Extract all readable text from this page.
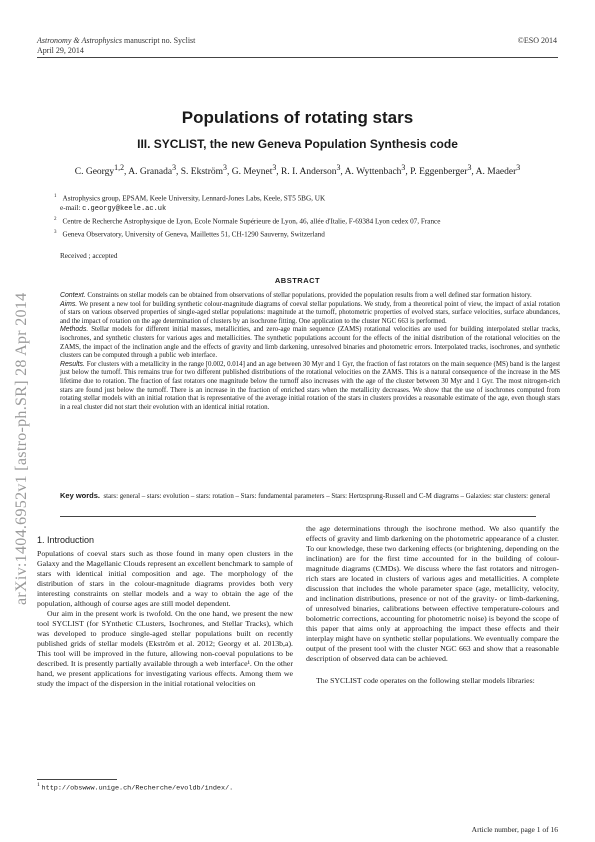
Astronomy & Astrophysics manuscript no. Syclist
April 29, 2014
©ESO 2014
arXiv:1404.6952v1 [astro-ph.SR] 28 Apr 2014
Populations of rotating stars
III. SYCLIST, the new Geneva Population Synthesis code
C. Georgy$^{1,2}$, A. Granada$^3$, S. Ekström$^3$, G. Meynet$^3$, R. I. Anderson$^3$, A. Wyttenbach$^3$, P. Eggenberger$^3$, A. Maeder$^3$
$^1$ Astrophysics group, EPSAM, Keele University, Lennard-Jones Labs, Keele, ST5 5BG, UK
e-mail: c.georgy@keele.ac.uk
$^2$ Centre de Recherche Astrophysique de Lyon, Ecole Normale Supérieure de Lyon, 46, allée d'Italie, F-69384 Lyon cedex 07, France
$^3$ Geneva Observatory, University of Geneva, Maillettes 51, CH-1290 Sauverny, Switzerland
Received ; accepted
ABSTRACT

Context. Constraints on stellar models can be obtained from observations of stellar populations, provided the population results from a well defined star formation history.

Aims. We present a new tool for building synthetic colour-magnitude diagrams of coeval stellar populations. We study, from a theoretical point of view, the impact of axial rotation of stars on various observed properties of single-aged stellar populations: magnitude at the turnoff, photometric properties of evolved stars, surface velocities, surface abundances, and the impact of rotation on the age determination of clusters by an isochrone fitting. One application to the cluster NGC 663 is performed.

Methods. Stellar models for different initial masses, metallicities, and zero-age main sequence (ZAMS) rotational velocities are used for building interpolated stellar tracks, isochrones, and synthetic clusters for various ages and metallicities. The synthetic populations account for the effects of the initial distribution of the rotational velocities on the ZAMS, the impact of the inclination angle and the effects of gravity and limb darkening, unresolved binaries and photometric errors. Interpolated tracks, isochrones, and synthetic clusters can be computed through a public web interface.

Results. For clusters with a metallicity in the range [0.002, 0.014] and an age between 30 Myr and 1 Gyr, the fraction of fast rotators on the main sequence (MS) band is the largest just below the turnoff. This remains true for two different published distributions of the rotational velocities on the ZAMS. This is a natural consequence of the increase in the MS lifetime due to rotation. The fraction of fast rotators one magnitude below the turnoff also increases with the age of the cluster between 30 Myr and 1 Gyr. The most nitrogen-rich stars are found just below the turnoff. There is an increase in the fraction of enriched stars when the metallicity decreases. We show that the use of isochrones computed from rotating stellar models with an initial rotation that is representative of the average initial rotation of the stars in clusters provides a reasonable estimate of the age, even though stars in a real cluster did not start their evolution with an identical initial rotation.

Key words. stars: general – stars: evolution – stars: rotation – Stars: fundamental parameters – Stars: Hertzsprung-Russell and C-M diagrams – Galaxies: star clusters: general
1. Introduction

Populations of coeval stars such as those found in many open clusters in the Galaxy and the Magellanic Clouds represent an excellent benchmark to sample of stars with identical initial composition and age. The morphology of the distribution of stars in the colour-magnitude diagrams provides both very interesting constraints on stellar models and a way to obtain the age of the population, although of course ages are still model dependent.

Our aim in the present work is twofold. On the one hand, we present the new tool SYCLIST (for SYnthetic CLusters, Isochrones, and Stellar Tracks), which was developed to produce single-aged stellar populations built on recently published grids of stellar models (Ekström et al. 2012; Georgy et al. 2013b,a). This tool will be improved in the future, allowing non-coeval populations to be described. It is presently partially available through a web interface¹. On the other hand, we present applications for investigating various effects. Among them we study the impact of the dispersion in the initial rotational velocities on

the age determinations through the isochrone method. We also quantify the effects of gravity and limb darkening on the photometric appearance of a cluster. To our knowledge, these two darkening effects (or brightening, depending on the inclination) are for the first time accounted for in the building of colour-magnitude diagrams (CMDs). We discuss where the fast rotators and nitrogen-rich stars are located in clusters of various ages and metallicities. A complete discussion that includes the whole parameter space (age, metallicity, velocity, and inclination distributions, presence or not of the gravity- or limb-darkening, of unresolved binaries, calibrations between effective temperature-colours and bolometric corrections, accounting for photometric noise) is beyond the scope of this paper that aims only at approaching the impact these effects and their interplay might have on synthetic stellar populations. We eventually compare the output of the present tool with the cluster NGC 663 and show that a reasonable description of observed data can be achieved.

The SYCLIST code operates on the following stellar models libraries:

$^1$ http://obswww.unige.ch/Recherche/evoldb/index/.
Article number, page 1 of 16
